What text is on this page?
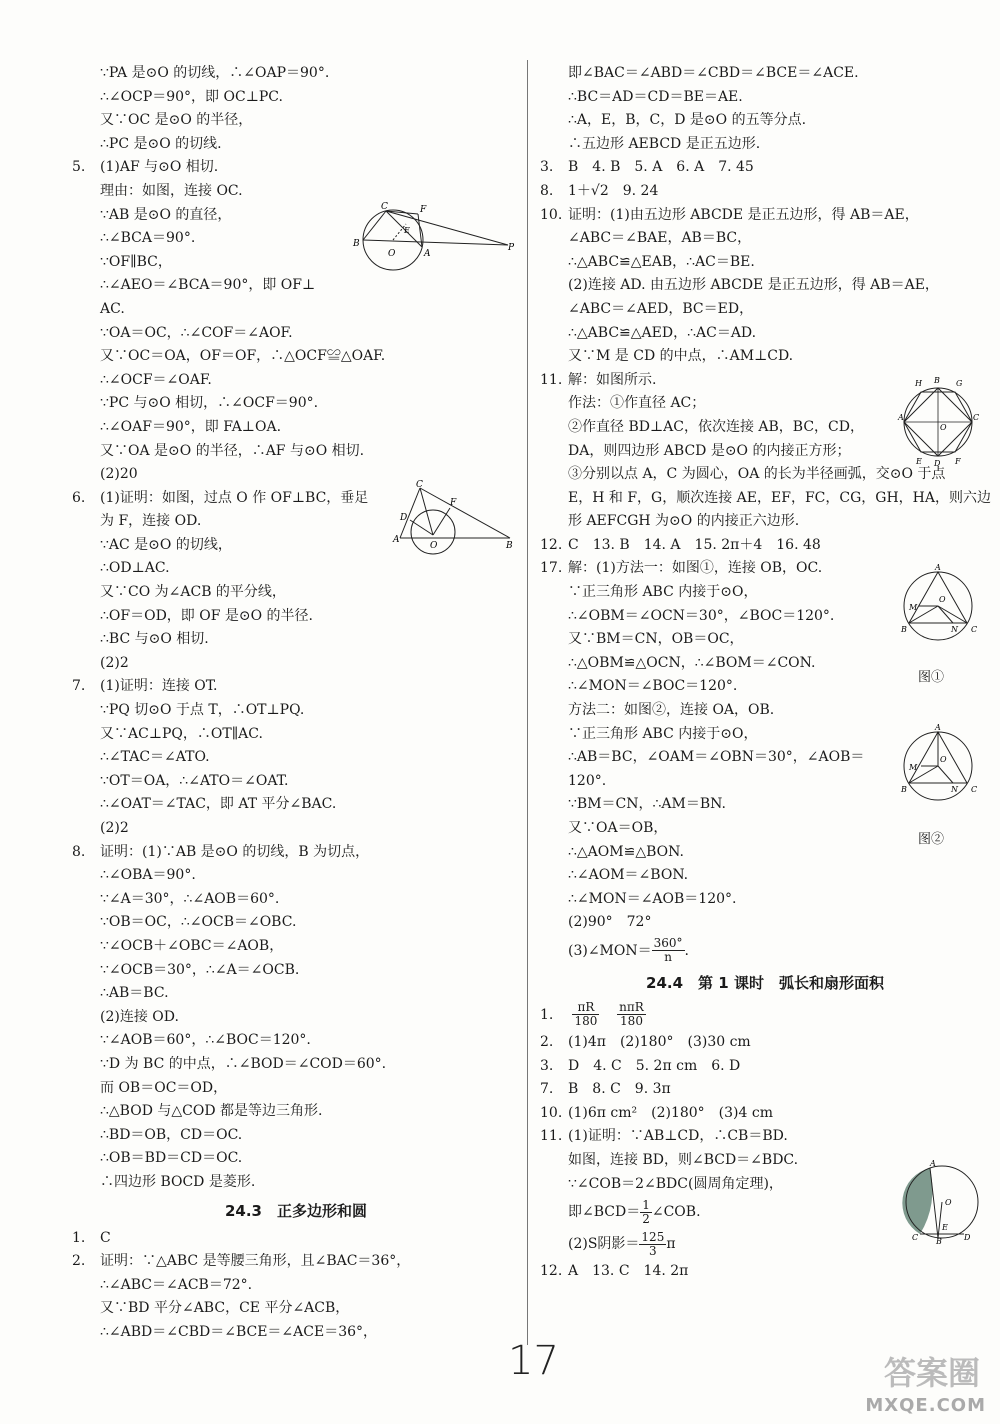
∵PA 是⊙O 的切线，∴∠OAP＝90°.
∴∠OCP＝90°，即 OC⊥PC.
又∵OC 是⊙O 的半径，
∴PC 是⊙O 的切线.
5. (1)AF 与⊙O 相切.
理由：如图，连接 OC.
∵AB 是⊙O 的直径，
∴∠BCA＝90°.
∵OF∥BC，
∴∠AEO＝∠BCA＝90°，即 OF⊥
AC.
∵OA＝OC，∴∠COF＝∠AOF.
又∵OC＝OA，OF＝OF，∴△OCF≌△OAF.
∴∠OCF＝∠OAF.
∵PC 与⊙O 相切，∴∠OCF＝90°.
∴∠OAF＝90°，即 FA⊥OA.
又∵OA 是⊙O 的半径，∴AF 与⊙O 相切.
(2)20
6. (1)证明：如图，过点 O 作 OF⊥BC，垂足
为 F，连接 OD.
∵AC 是⊙O 的切线，
∴OD⊥AC.
又∵CO 为∠ACB 的平分线，
∴OF＝OD，即 OF 是⊙O 的半径.
∴BC 与⊙O 相切.
(2)2
7. (1)证明：连接 OT.
∵PQ 切⊙O 于点 T，∴OT⊥PQ.
又∵AC⊥PQ，∴OT∥AC.
∴∠TAC＝∠ATO.
∵OT＝OA，∴∠ATO＝∠OAT.
∴∠OAT＝∠TAC，即 AT 平分∠BAC.
(2)2
8. 证明：(1)∵AB 是⊙O 的切线，B 为切点，
∴∠OBA＝90°.
∵∠A＝30°，∴∠AOB＝60°.
∵OB＝OC，∴∠OCB＝∠OBC.
∵∠OCB＋∠OBC＝∠AOB，
∵∠OCB＝30°，∴∠A＝∠OCB.
∴AB＝BC.
(2)连接 OD.
∵∠AOB＝60°，∴∠BOC＝120°.
∵D 为 BC 的中点，∴∠BOD＝∠COD＝60°.
而 OB＝OC＝OD，
∴△BOD 与△COD 都是等边三角形.
∴BD＝OB，CD＝OC.
∴OB＝BD＝CD＝OC.
∴四边形 BOCD 是菱形.
24.3　正多边形和圆
1. C
2. 证明：∵△ABC 是等腰三角形，且∠BAC＝36°，
∴∠ABC＝∠ACB＝72°.
又∵BD 平分∠ABC，CE 平分∠ACB，
∴∠ABD＝∠CBD＝∠BCE＝∠ACE＝36°，
即∠BAC＝∠ABD＝∠CBD＝∠BCE＝∠ACE.
∴BC＝AD＝CD＝BE＝AE.
∴A，E，B，C，D 是⊙O 的五等分点.
∴五边形 AEBCD 是正五边形.
3. B　4. B　5. A　6. A　7. 45
8. 1＋√2　9. 24
10. 证明：(1)由五边形 ABCDE 是正五边形，得 AB＝AE，
∠ABC＝∠BAE，AB＝BC，
∴△ABC≌△EAB，∴AC＝BE.
(2)连接 AD. 由五边形 ABCDE 是正五边形，得 AB＝AE，
∠ABC＝∠AED，BC＝ED，
∴△ABC≌△AED，∴AC＝AD.
又∵M 是 CD 的中点，∴AM⊥CD.
11. 解：如图所示.
作法：①作直径 AC；
②作直径 BD⊥AC，依次连接 AB，BC，CD，
DA，则四边形 ABCD 是⊙O 的内接正方形；
③分别以点 A，C 为圆心，OA 的长为半径画弧，交⊙O 于点
E，H 和 F，G，顺次连接 AE，EF，FC，CG，GH，HA，则六边
形 AEFCGH 为⊙O 的内接正六边形.
12. C　13. B　14. A　15. 2π＋4　16. 48
17. 解：(1)方法一：如图①，连接 OB，OC.
∵正三角形 ABC 内接于⊙O，
∴∠OBM＝∠OCN＝30°，∠BOC＝120°.
又∵BM＝CN，OB＝OC，
∴△OBM≌△OCN，∴∠BOM＝∠CON.
∴∠MON＝∠BOC＝120°.
方法二：如图②，连接 OA，OB.
∵正三角形 ABC 内接于⊙O，
∴AB＝BC，∠OAM＝∠OBN＝30°，∠AOB＝
120°.
∵BM＝CN，∴AM＝BN.
又∵OA＝OB，
∴△AOM≌△BON.
∴∠AOM＝∠BON.
∴∠MON＝∠AOB＝120°.
(2)90°　72°
(3)∠MON＝ $\frac{360^\circ}{n}$ .
24.4　第 1 课时　弧长和扇形面积
1. $\frac{\pi R}{180}$
$\frac{\text{nπR}}{180}$
2. (1)4π　(2)180°　(3)30 cm
3. D　4. C　5. 2π cm　6. D
7. B　8. C　9. 3π
10. (1)6π cm²　(2)180°　(3)4 cm
11. (1)证明：∵AB⊥CD，∴CB＝BD.
如图，连接 BD，则∠BCD＝∠BDC.
∵∠COB＝2∠BDC(圆周角定理)，
即∠BCD＝ $\frac{1}{2}$ ∠COB.
(2)S阴影＝ $\frac{125}{3}$ π
12. A　13. C　14. 2π
B
C	F
E
O	A
P
C
F
D
A
O	B
H B G
A	C
O
E D F
A
M
O
B	N C
图①
A
M
O
B	N C
图②
O
C B
E
D
A
17	答案圈
MXQE.COM
